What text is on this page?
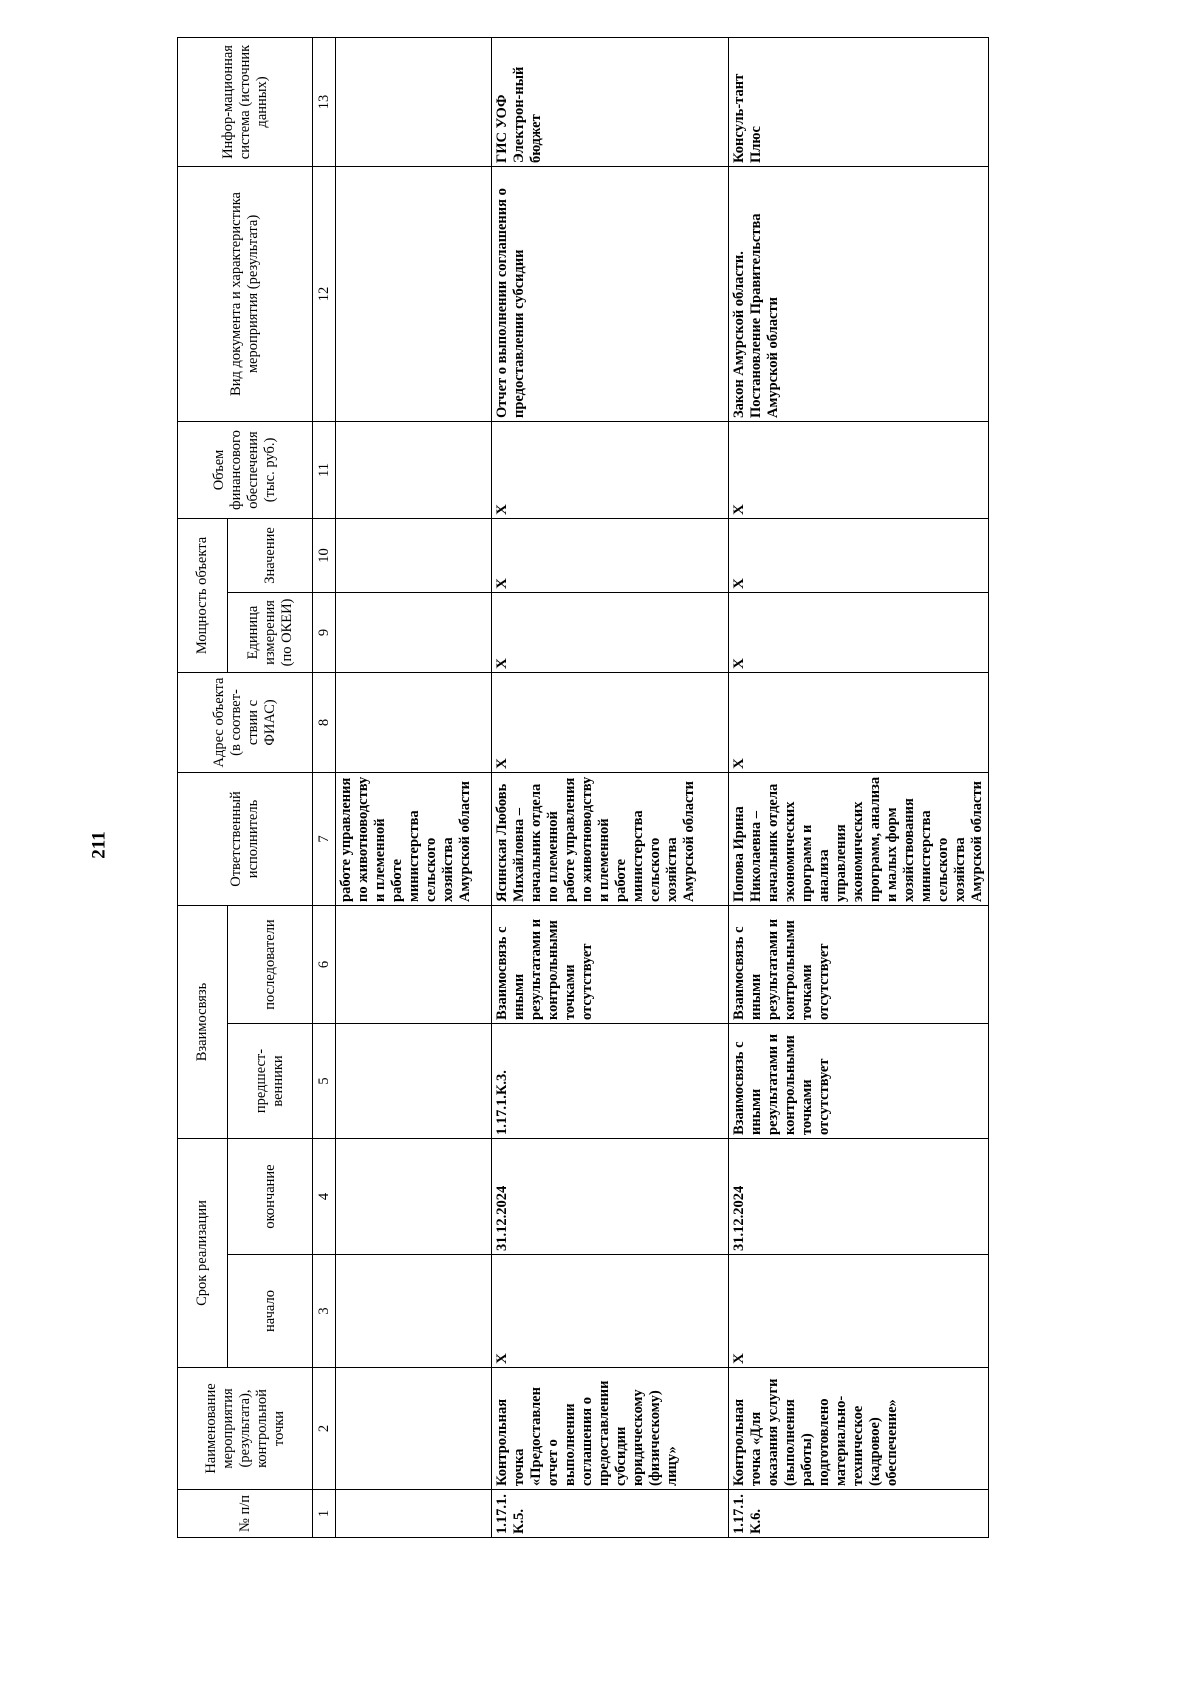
211
№ п/п	Наименование мероприятия (результата), контрольной точки	Срок реализации		Взаимосвязь		Ответственный исполнитель	Адрес объекта (в соответ-ствии с ФИАС)	Мощность объекта		Объем финансового обеспечения (тыс. руб.)	Вид документа и характеристика мероприятия (результата)	Инфор-мационная система (источник данных)
		начало	окончание	предшест-венники	последователи			Единица измерения (по ОКЕИ)	Значение			
1	2	3	4	5	6	7	8	9	10	11	12	13
						работе управления по животноводству и племенной работе министерства сельского хозяйства Амурской области						
1.17.1.К.5.	Контрольная точка «Предоставлен отчет о выполнении соглашения о предоставлении субсидии юридическому (физическому) лицу»	X	31.12.2024	1.17.1.К.3.	Взаимосвязь с иными результатами и контрольными точками отсутствует	Ясинская Любовь Михайловна – начальник отдела по племенной работе управления по животноводству и племенной работе министерства сельского хозяйства Амурской области	X	X	X	X	Отчет о выполнении соглашения о предоставлении субсидии	ГИС УОФ Электрон-ный бюджет
1.17.1.К.6.	Контрольная точка «Для оказания услуги (выполнения работы) подготовлено материально-техническое (кадровое) обеспечение»	X	31.12.2024	Взаимосвязь с иными результатами и контрольными точками отсутствует	Взаимосвязь с иными результатами и контрольными точками отсутствует	Попова Ирина Николаевна – начальник отдела экономических программ и анализа управления экономических программ, анализа и малых форм хозяйствования министерства сельского хозяйства Амурской области	X	X	X	X	Закон Амурской области. Постановление Правительства Амурской области	Консуль-тант Плюс
